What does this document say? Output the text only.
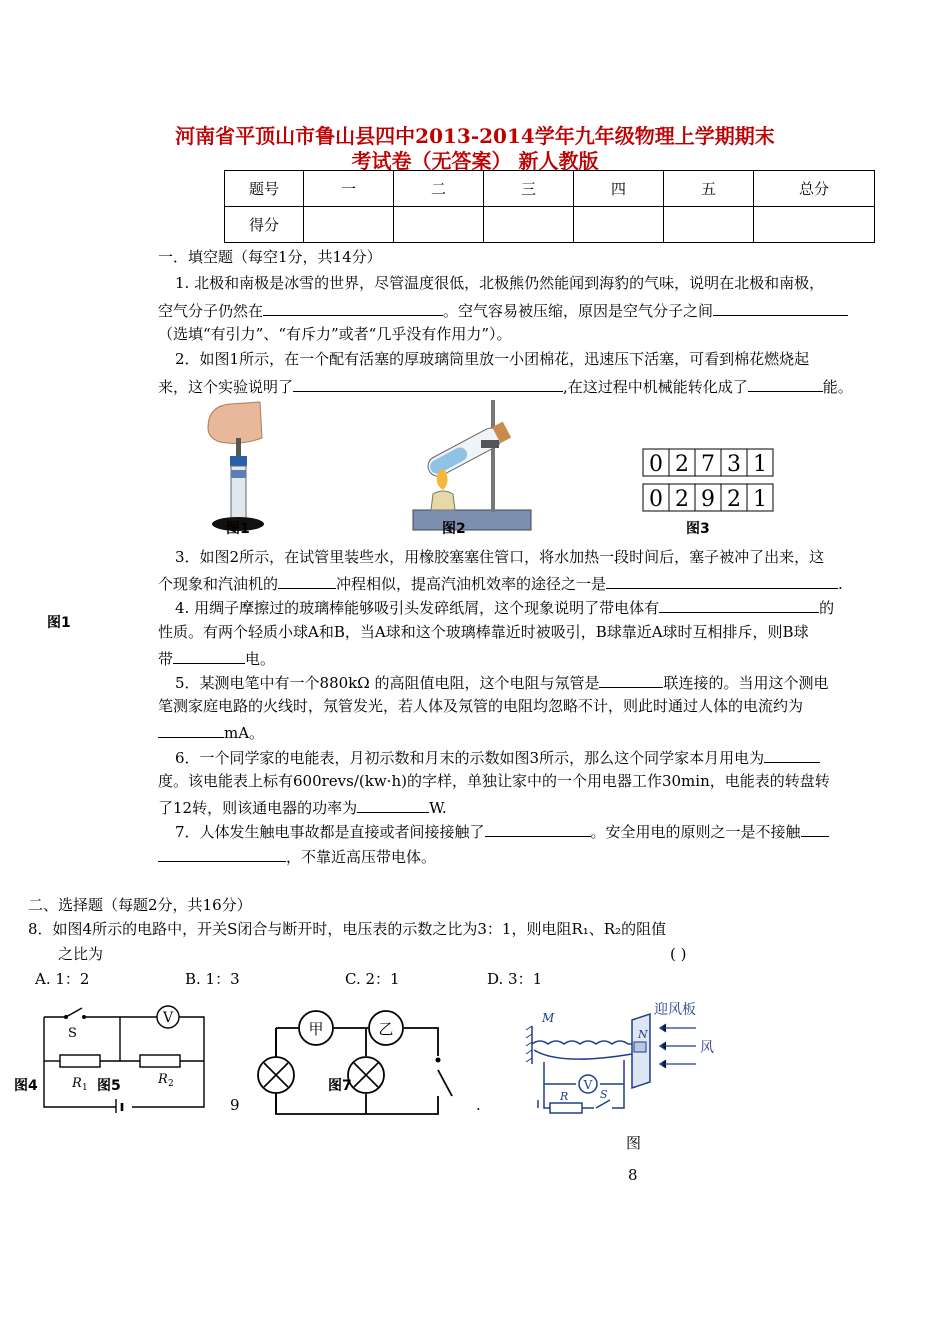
河南省平顶山市鲁山县四中2013-2014学年九年级物理上学期期末
考试卷（无答案） 新人教版
题号	一	二	三	四	五	总分
得分						
一．填空题（每空1分，共14分）
1. 北极和南极是冰雪的世界，尽管温度很低，北极熊仍然能闻到海豹的气味，说明在北极和南极，
空气分子仍然在	。空气容易被压缩，原因是空气分子之间
（选填“有引力”、“有斥力”或者“几乎没有作用力”）。
2．如图1所示，在一个配有活塞的厚玻璃筒里放一小团棉花，迅速压下活塞，可看到棉花燃烧起
来，这个实验说明了	,在这过程中机械能转化成了	能。
图1	图2
0 2 7 3 1
0 2 9 2 1
图3
3．如图2所示，在试管里装些水，用橡胶塞塞住管口，将水加热一段时间后，塞子被冲了出来，这
个现象和汽油机的	冲程相似，提高汽油机效率的途径之一是	.
图1
4. 用绸子摩擦过的玻璃棒能够吸引头发碎纸屑，这个现象说明了带电体有	的
性质。有两个轻质小球A和B，当A球和这个玻璃棒靠近时被吸引，B球靠近A球时互相排斥，则B球
带	电。
5．某测电笔中有一个880kΩ 的高阻值电阻，这个电阻与氖管是	联连接的。当用这个测电
笔测家庭电路的火线时，氖管发光，若人体及氖管的电阻均忽略不计，则此时通过人体的电流约为
mA。
6．一个同学家的电能表，月初示数和月末的示数如图3所示，那么这个同学家本月用电为
度。该电能表上标有600revs/(kw·h)的字样，单独让家中的一个用电器工作30min，电能表的转盘转
了12转，则该通电器的功率为	W.
7．人体发生触电事故都是直接或者间接接触了	。安全用电的原则之一是不接触
，不靠近高压带电体。
二、选择题（每题2分，共16分）
8．如图4所示的电路中，开关S闭合与断开时，电压表的示数之比为3：1，则电阻R₁、R₂的阻值
之比为	( )
A. 1：2	B. 1：3	C. 2：1	D. 3：1
V
S
R 1
R 2
图4	图5
甲	乙
图7
9	.
V
M
N
迎风板
风
R	S
图
8
